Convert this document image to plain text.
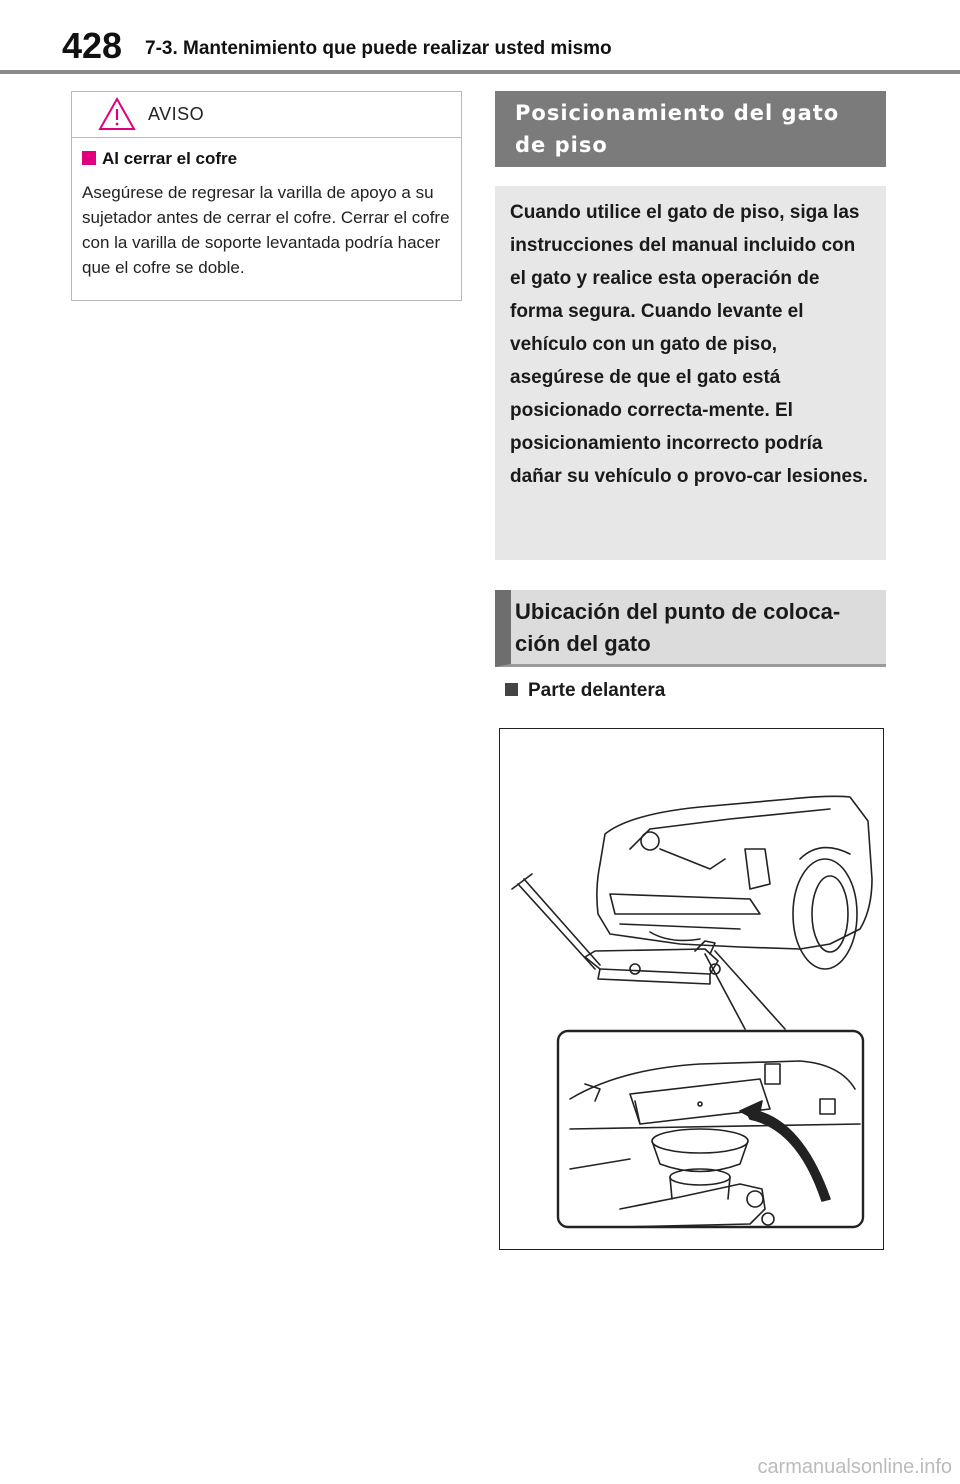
428 7-3. Mantenimiento que puede realizar usted mismo
AVISO
Al cerrar el cofre
Asegúrese de regresar la varilla de apoyo a su sujetador antes de cerrar el cofre. Cerrar el cofre con la varilla de soporte levantada podría hacer que el cofre se doble.
Posicionamiento del gato de piso
Cuando utilice el gato de piso, siga las instrucciones del manual incluido con el gato y realice esta operación de forma segura. Cuando levante el vehículo con un gato de piso, asegúrese de que el gato está posicionado correcta-mente. El posicionamiento incorrecto podría dañar su vehículo o provo-car lesiones.
Ubicación del punto de coloca-ción del gato
Parte delantera
carmanualsonline.info
